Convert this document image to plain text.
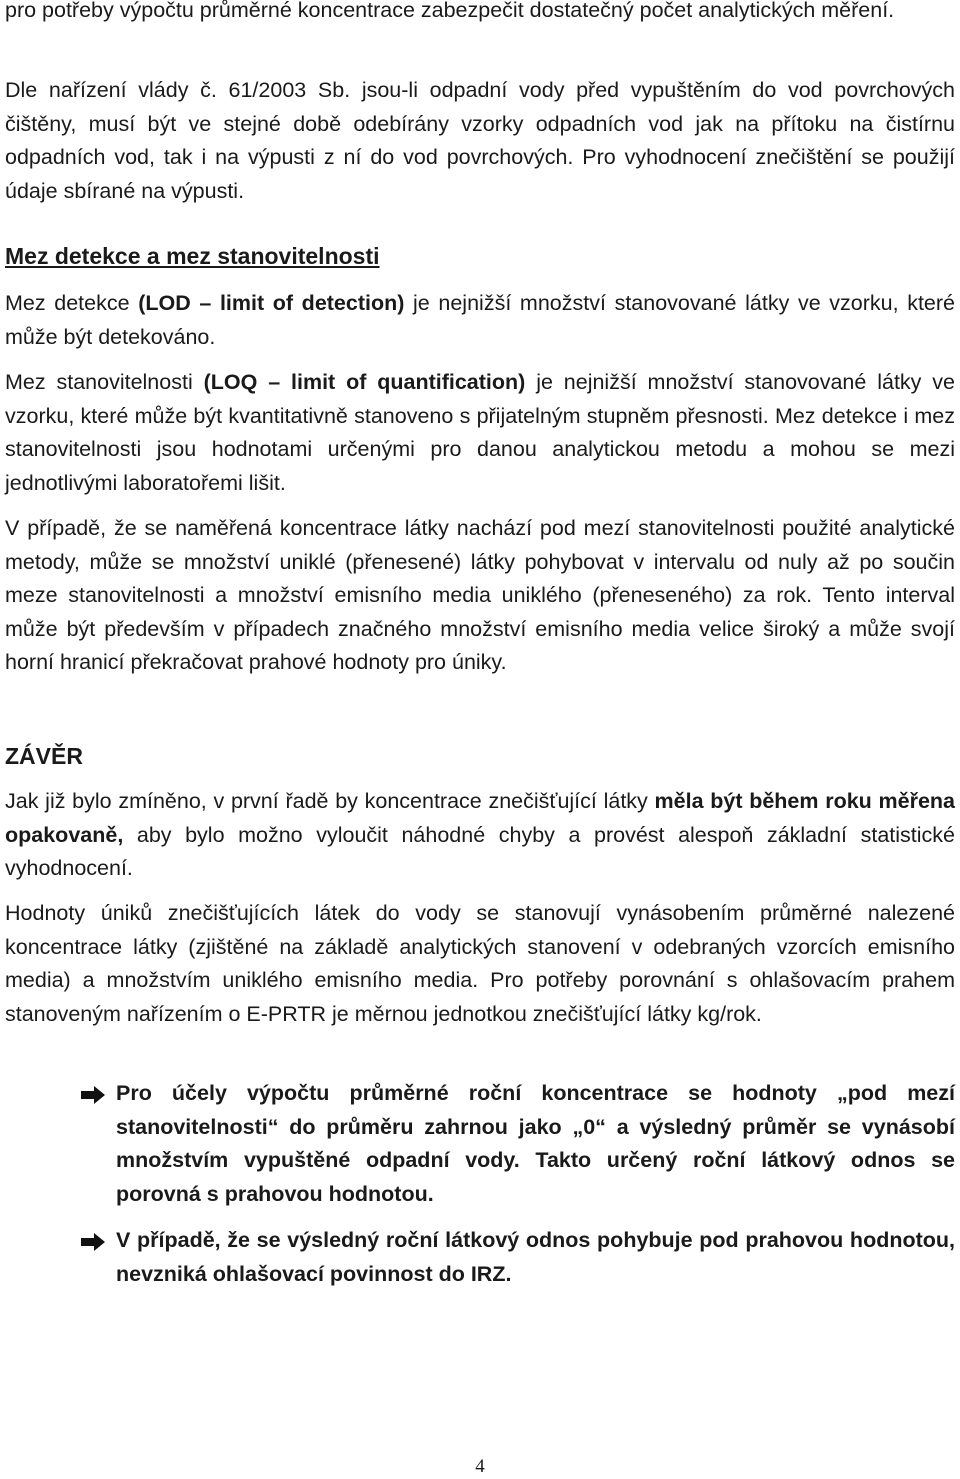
pro potřeby výpočtu průměrné koncentrace zabezpečit dostatečný počet analytických měření.

Dle nařízení vlády č. 61/2003 Sb. jsou-li odpadní vody před vypuštěním do vod povrchových čištěny, musí být ve stejné době odebírány vzorky odpadních vod jak na přítoku na čistírnu odpadních vod, tak i na výpusti z ní do vod povrchových. Pro vyhodnocení znečištění se použijí údaje sbírané na výpusti.

Mez detekce a mez stanovitelnosti

Mez detekce (LOD – limit of detection) je nejnižší množství stanovované látky ve vzorku, které může být detekováno.

Mez stanovitelnosti (LOQ – limit of quantification) je nejnižší množství stanovované látky ve vzorku, které může být kvantitativně stanoveno s přijatelným stupněm přesnosti. Mez detekce i mez stanovitelnosti jsou hodnotami určenými pro danou analytickou metodu a mohou se mezi jednotlivými laboratořemi lišit.

V případě, že se naměřená koncentrace látky nachází pod mezí stanovitelnosti použité analytické metody, může se množství uniklé (přenesené) látky pohybovat v intervalu od nuly až po součin meze stanovitelnosti a množství emisního media uniklého (přeneseného) za rok. Tento interval může být především v případech značného množství emisního media velice široký a může svojí horní hranicí překračovat prahové hodnoty pro úniky.

ZÁVĚR

Jak již bylo zmíněno, v první řadě by koncentrace znečišťující látky měla být během roku měřena opakovaně, aby bylo možno vyloučit náhodné chyby a provést alespoň základní statistické vyhodnocení.

Hodnoty úniků znečišťujících látek do vody se stanovují vynásobením průměrné nalezené koncentrace látky (zjištěné na základě analytických stanovení v odebraných vzorcích emisního media) a množstvím uniklého emisního media. Pro potřeby porovnání s ohlašovacím prahem stanoveným nařízením o E-PRTR je měrnou jednotkou znečišťující látky kg/rok.

Pro účely výpočtu průměrné roční koncentrace se hodnoty „pod mezí stanovitelnosti“ do průměru zahrnou jako „0“ a výsledný průměr se vynásobí množstvím vypuštěné odpadní vody. Takto určený roční látkový odnos se porovná s prahovou hodnotou.

V případě, že se výsledný roční látkový odnos pohybuje pod prahovou hodnotou, nevzniká ohlašovací povinnost do IRZ.

4
